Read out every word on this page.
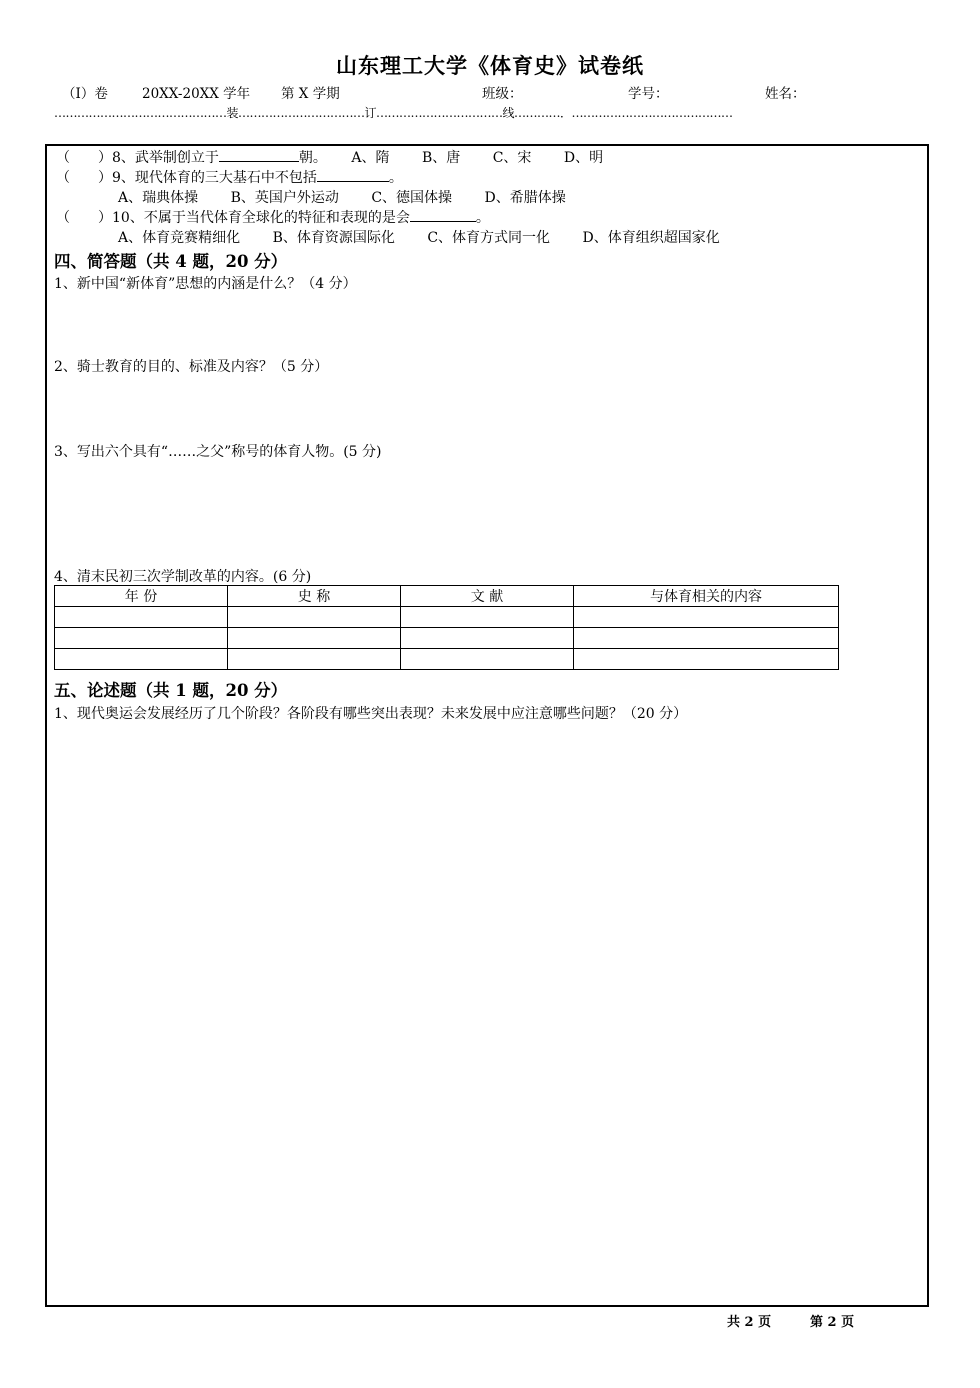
山东理工大学《体育史》试卷纸
（I）卷	20XX-20XX 学年 第 X 学期	班级：	学号：	姓名：
………………………………………装……………………………订……………………………线…………．……………………………………
（　　）8、武举制创立于	朝。 A、隋 B、唐 C、宋 D、明
（　　）9、现代体育的三大基石中不包括	。
A、瑞典体操 B、英国户外运动 C、德国体操 D、希腊体操
（　　）10、不属于当代体育全球化的特征和表现的是会	。
A、体育竞赛精细化 B、体育资源国际化 C、体育方式同一化 D、体育组织超国家化
四、简答题（共 4 题，20 分）
1、新中国“新体育”思想的内涵是什么？（4 分）
2、骑士教育的目的、标准及内容？（5 分）
3、写出六个具有“……之父”称号的体育人物。(5 分)
4、清末民初三次学制改革的内容。(6 分)
年 份	史 称	文 献	与体育相关的内容

五、论述题（共 1 题，20 分）
1、现代奥运会发展经历了几个阶段？各阶段有哪些突出表现？未来发展中应注意哪些问题？（20 分）
共 2 页	第 2 页
